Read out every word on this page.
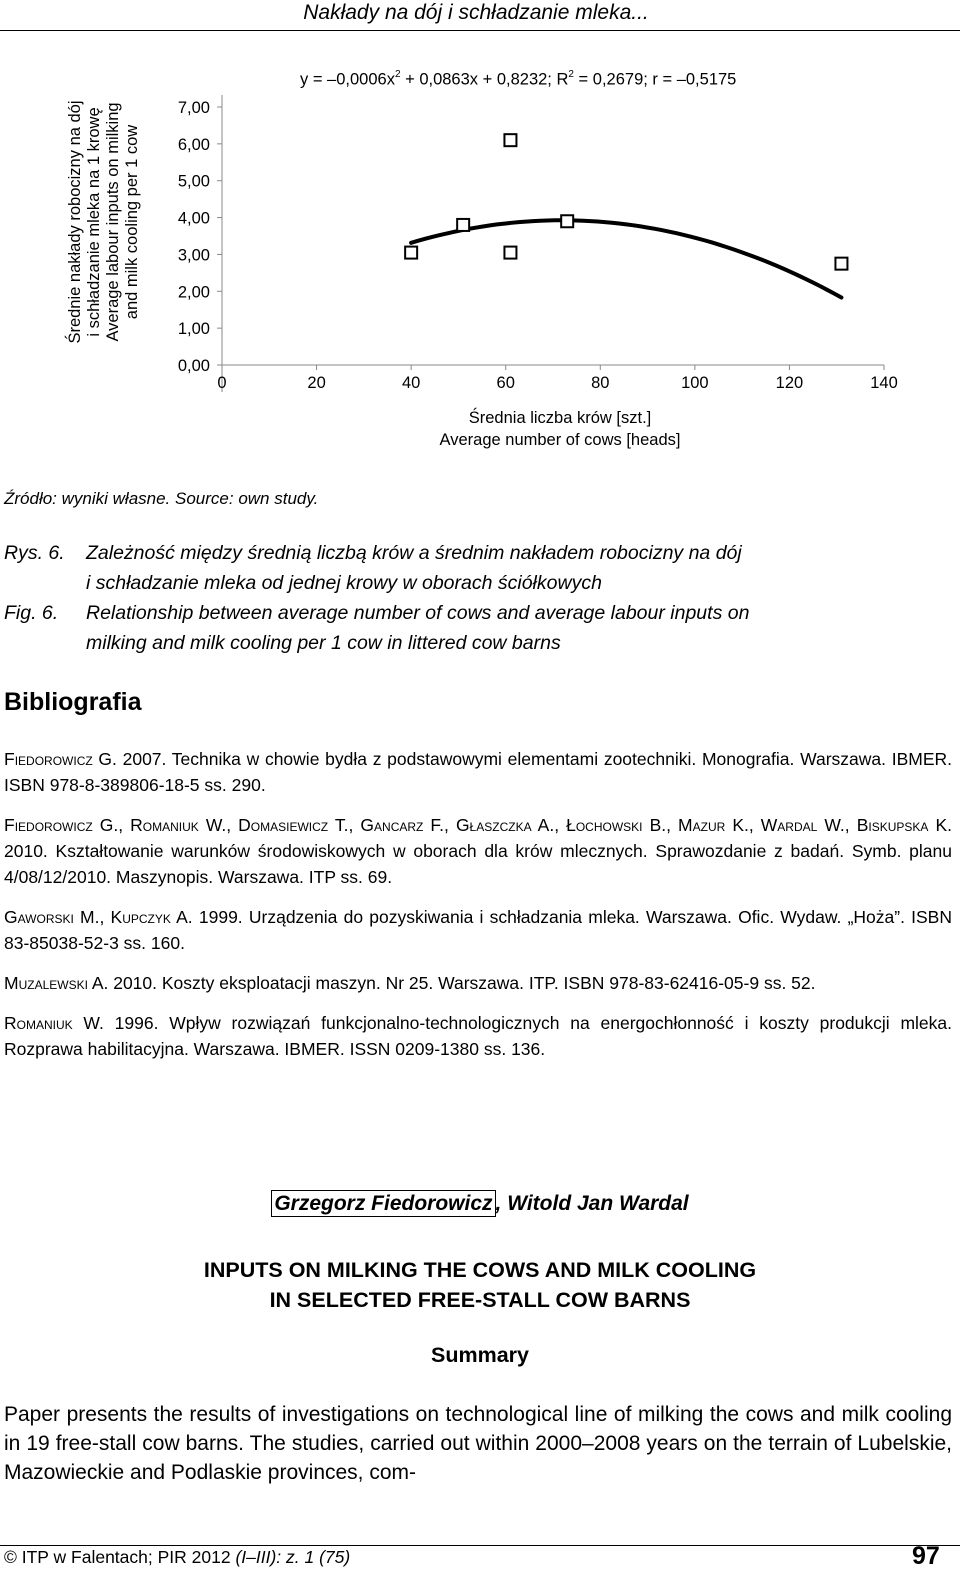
Nakłady na dój i schładzanie mleka...
Średnie nakłady robocizny na dój i schładzanie mleka na 1 krowę Average labour inputs on milking and milk cooling per 1 cow
$y = -0,0006x^2 + 0,0863x + 0,8232$; $R^2 = 0,2679$; r = –0,5175
0,00
1,00
2,00
3,00
4,00
5,00
6,00
7,00
0	20	40	60	80	100	120	140
Średnia liczba krów [szt.]
Average number of cows [heads]
Źródło: wyniki własne. Source: own study.
Rys. 6. Zależność między średnią liczbą krów a średnim nakładem robocizny na dój
i schładzanie mleka od jednej krowy w oborach ściółkowych
Fig. 6. Relationship between average number of cows and average labour inputs on
milking and milk cooling per 1 cow in littered cow barns
Bibliografia

Fiedorowicz G. 2007. Technika w chowie bydła z podstawowymi elementami zootechniki. Monografia. Warszawa. IBMER. ISBN 978-8-389806-18-5 ss. 290.

Fiedorowicz G., Romaniuk W., Domasiewicz T., Gancarz F., Głaszczka A., Łochowski B., Mazur K., Wardal W., Biskupska K. 2010. Kształtowanie warunków środowiskowych w oborach dla krów mlecznych. Sprawozdanie z badań. Symb. planu 4/08/12/2010. Maszynopis. Warszawa. ITP ss. 69.

Gaworski M., Kupczyk A. 1999. Urządzenia do pozyskiwania i schładzania mleka. Warszawa. Ofic. Wydaw. „Hoża”. ISBN 83-85038-52-3 ss. 160.

Muzalewski A. 2010. Koszty eksploatacji maszyn. Nr 25. Warszawa. ITP. ISBN 978-83-62416-05-9 ss. 52.

Romaniuk W. 1996. Wpływ rozwiązań funkcjonalno-technologicznych na energochłonność i koszty produkcji mleka. Rozprawa habilitacyjna. Warszawa. IBMER. ISSN 0209-1380 ss. 136.

Grzegorz Fiedorowicz , Witold Jan Wardal
INPUTS ON MILKING THE COWS AND MILK COOLING
IN SELECTED FREE-STALL COW BARNS
Summary
Paper presents the results of investigations on technological line of milking the cows and milk cooling in 19 free-stall cow barns. The studies, carried out within 2000–2008 years on the terrain of Lubelskie, Mazowieckie and Podlaskie provinces, com-
© ITP w Falentach; PIR 2012 (I–III): z. 1 (75)	97
